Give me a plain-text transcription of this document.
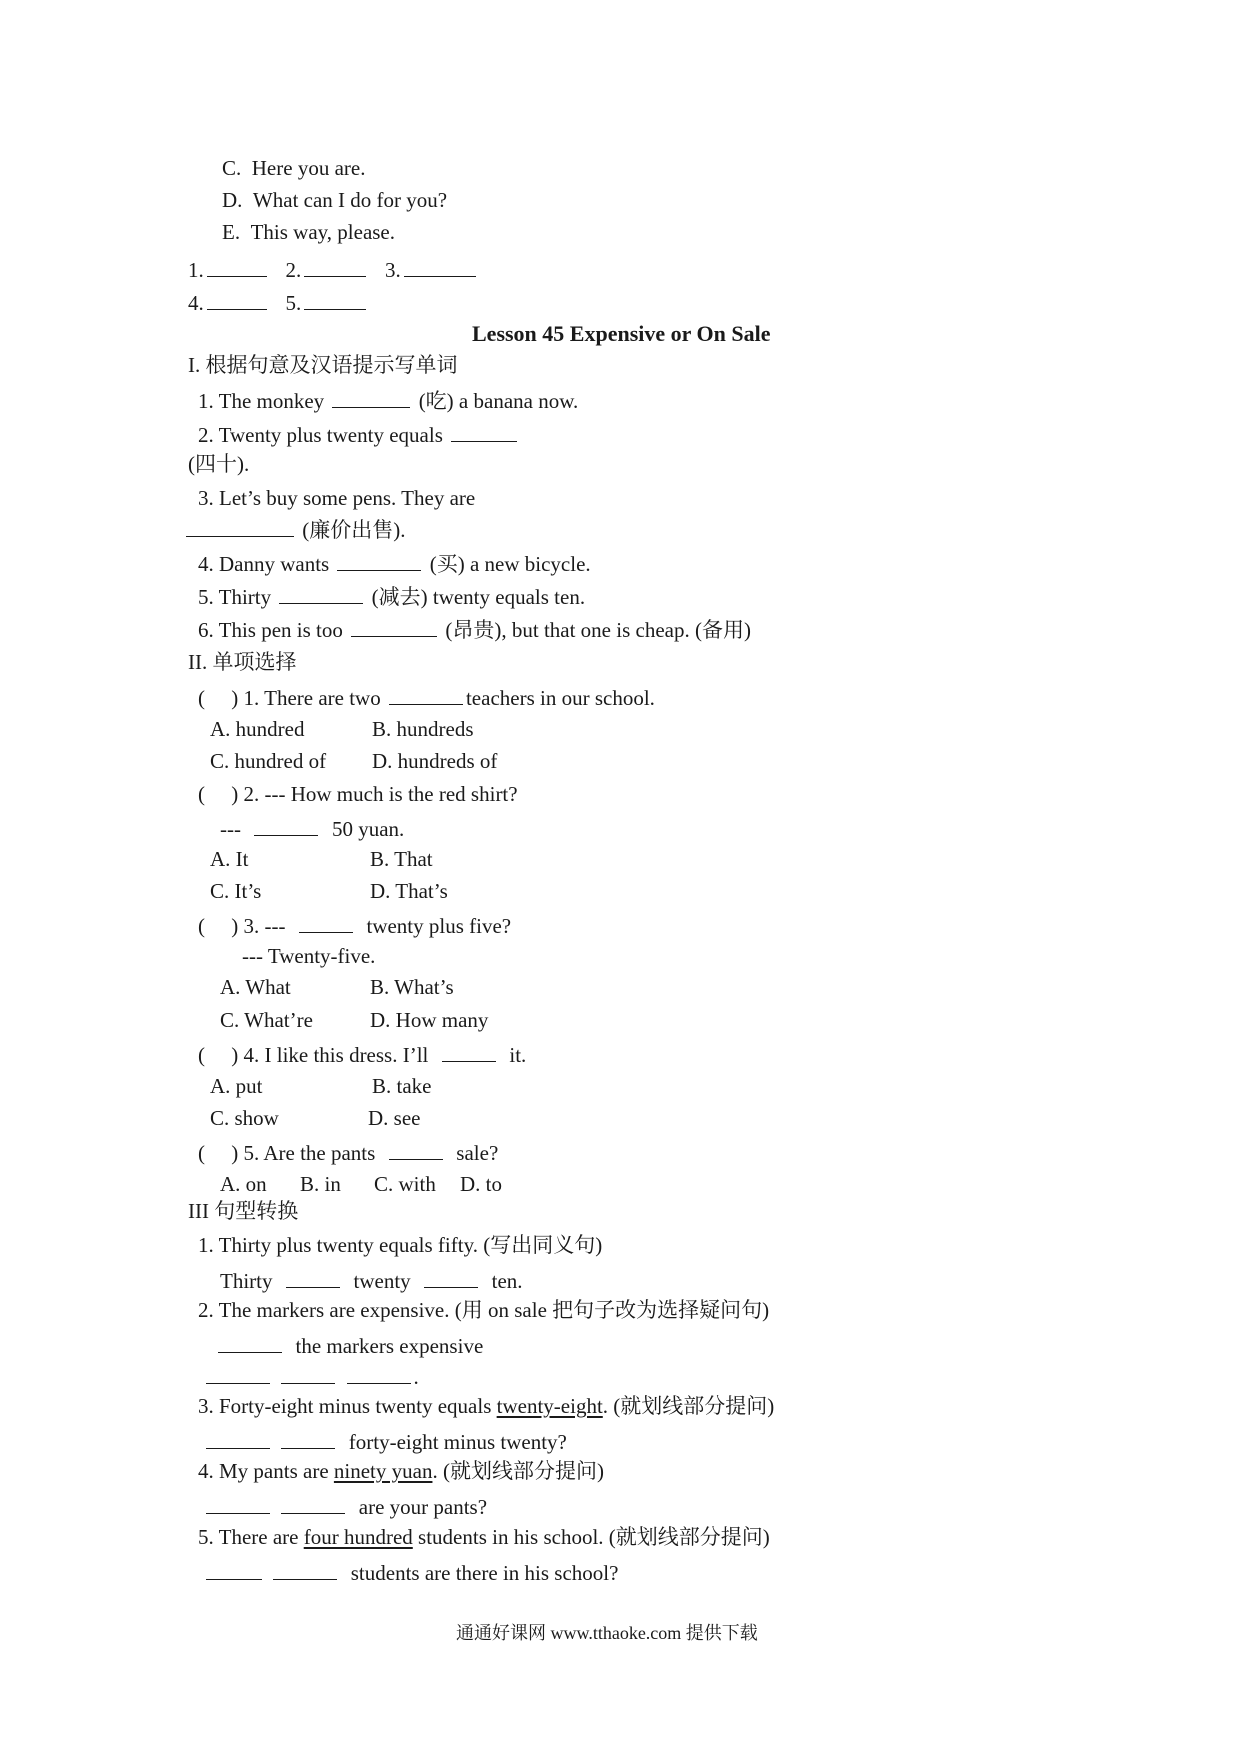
C. Here you are.
D. What can I do for you?
E. This way, please.
1.	2.	3.
4.	5.
Lesson 45 Expensive or On Sale
I. 根据句意及汉语提示写单词
1. The monkey	(吃) a banana now.
2. Twenty plus twenty equals
(四十).
3. Let’s buy some pens. They are
(廉价出售).
4. Danny wants	(买) a new bicycle.
5. Thirty	(减去) twenty equals ten.
6. This pen is too	(昂贵), but that one is cheap. (备用)
II. 单项选择
( ) 1. There are two	teachers in our school.
A. hundred	B. hundreds
C. hundred of D. hundreds of
( ) 2. --- How much is the red shirt?
---	50 yuan.
A. It	B. That
C. It’s	D. That’s
( ) 3. ---	twenty plus five?
--- Twenty-five.
A. What	B. What’s
C. What’re	D. How many
( ) 4. I like this dress. I’ll	it.
A. put	B. take
C. show	D. see
( ) 5. Are the pants	sale?
A. on B. in C. with D. to
III 句型转换
1. Thirty plus twenty equals fifty. (写出同义句)
Thirty	twenty	ten.
2. The markers are expensive. (用 on sale 把句子改为选择疑问句)
the markers expensive
.
3. Forty-eight minus twenty equals twenty-eight. (就划线部分提问)
forty-eight minus twenty?
4. My pants are ninety yuan. (就划线部分提问)
are your pants?
5. There are four hundred students in his school. (就划线部分提问)
students are there in his school?
通通好课网 www.tthaoke.com 提供下载
